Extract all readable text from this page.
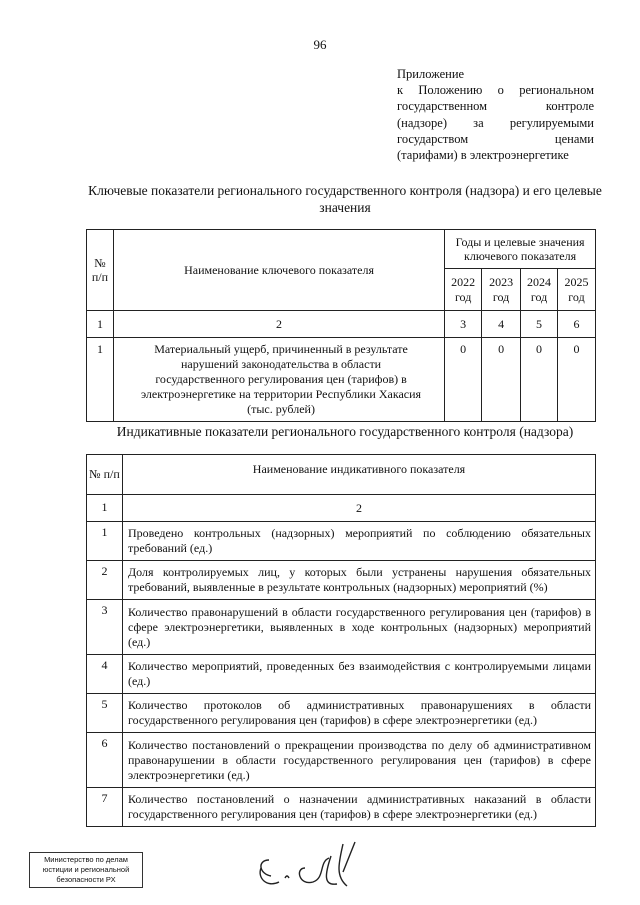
96
Приложение
к Положению о региональном
государственном контроле
(надзоре) за регулируемыми
государством ценами
(тарифами) в электроэнергетике
Ключевые показатели регионального государственного контроля (надзора) и его целевые значения
№ п/п	Наименование ключевого показателя	Годы и целевые значения ключевого показателя			
		2022 год	2023 год	2024 год	2025 год
1	2	3	4	5	6
1	Материальный ущерб, причиненный в результате нарушений законодательства в области государственного регулирования цен (тарифов) в электроэнергетике на территории Республики Хакасия (тыс. рублей)	0	0	0	0
Индикативные показатели регионального государственного контроля (надзора)
№ п/п	Наименование индикативного показателя
1	2
1	Проведено контрольных (надзорных) мероприятий по соблюдению обязательных требований (ед.)
2	Доля контролируемых лиц, у которых были устранены нарушения обязательных требований, выявленные в результате контрольных (надзорных) мероприятий (%)
3	Количество правонарушений в области государственного регулирования цен (тарифов) в сфере электроэнергетики, выявленных в ходе контрольных (надзорных) мероприятий (ед.)
4	Количество мероприятий, проведенных без взаимодействия с контролируемыми лицами (ед.)
5	Количество протоколов об административных правонарушениях в области государственного регулирования цен (тарифов) в сфере электроэнергетики (ед.)
6	Количество постановлений о прекращении производства по делу об административном правонарушении в области государственного регулирования цен (тарифов) в сфере электроэнергетики (ед.)
7	Количество постановлений о назначении административных наказаний в области государственного регулирования цен (тарифов) в сфере электроэнергетики (ед.)
Министерство по делам
юстиции и региональной
безопасности РХ
